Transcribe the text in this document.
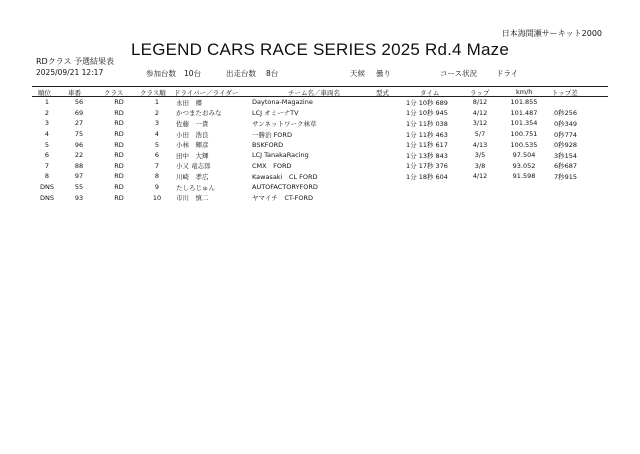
日本海間瀬サーキット2000
LEGEND CARS RACE SERIES 2025 Rd.4 Maze
RDクラス 予選結果表
2025/09/21 12:17	参加台数 10台	出走台数 8台	天候 曇り	コース状況	ドライ
順位	車番	クラス	クラス順 ドライバー／ライダー	チーム名／車両名	型式	タイム	ラップ	km/h	トップ差
1	56	RD	1	永田　郷	Daytona-Magazine		1分 10秒 689	8/12	101.855	
2	69	RD	2	かつまたおみな	LCJ オミーナTV		1分 10秒 945	4/12	101.487	0秒256
3	27	RD	3	佐藤　一貴	サンネットワーク林草		1分 11秒 038	3/12	101.354	0秒349
4	75	RD	4	小田　浩良	一勝治 FORD		1分 11秒 463	5/7	100.751	0秒774
5	96	RD	5	小林　輝彦	BSKFORD		1分 11秒 617	4/13	100.535	0秒928
6	22	RD	6	田中　大輝	LCJ TanakaRacing		1分 13秒 843	3/5	97.504	3秒154
7	88	RD	7	小又 竜志郎	CMX　FORD		1分 17秒 376	3/8	93.052	6秒687
8	97	RD	8	川崎　孝広	Kawasaki　CL FORD		1分 18秒 604	4/12	91.598	7秒915
DNS	55	RD	9	たしろじゅん	AUTOFACTORYFORD					
DNS	93	RD	10	市川　慎二	ヤマイチ　CT-FORD					
